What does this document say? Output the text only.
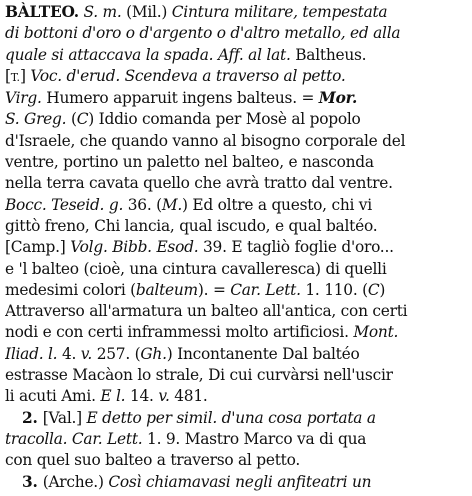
BÀLTEO. S. m. (Mil.) Cintura militare, tempestata
di bottoni d'oro o d'argento o d'altro metallo, ed alla
quale si attaccava la spada. Aff. al lat. Baltheus.
[T.] Voc. d'erud. Scendeva a traverso al petto.
Virg. Humero apparuit ingens balteus. = Mor.
S. Greg. (C) Iddio comanda per Mosè al popolo
d'Israele, che quando vanno al bisogno corporale del
ventre, portino un paletto nel balteo, e nasconda
nella terra cavata quello che avrà tratto dal ventre.
Bocc. Teseid. g. 36. (M.) Ed oltre a questo, chi vi
gittò freno, Chi lancia, qual iscudo, e qual baltéo.
[Camp.] Volg. Bibb. Esod. 39. E tagliò foglie d'oro...
e 'l balteo (cioè, una cintura cavalleresca) di quelli
medesimi colori (balteum). = Car. Lett. 1. 110. (C)
Attraverso all'armatura un balteo all'antica, con certi
nodi e con certi inframmessi molto artificiosi. Mont.
Iliad. l. 4. v. 257. (Gh.) Incontanente Dal baltéo
estrasse Macàon lo strale, Di cui curvàrsi nell'uscir
li acuti Ami. E l. 14. v. 481.
2. [Val.] E detto per simil. d'una cosa portata a
tracolla. Car. Lett. 1. 9. Mastro Marco va di qua
con quel suo balteo a traverso al petto.
3. (Arche.) Così chiamavasi negli anfiteatri un
